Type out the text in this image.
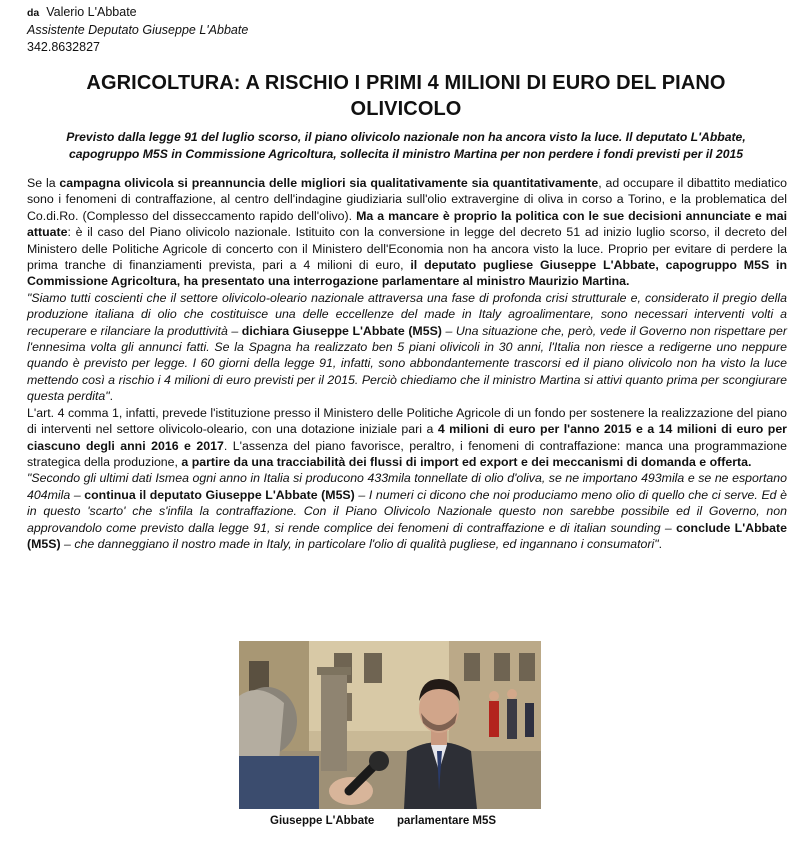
da Valerio L'Abbate
Assistente Deputato Giuseppe L'Abbate
342.8632827
AGRICOLTURA: A RISCHIO I PRIMI 4 MILIONI DI EURO DEL PIANO OLIVICOLO
Previsto dalla legge 91 del luglio scorso, il piano olivicolo nazionale non ha ancora visto la luce. Il deputato L'Abbate, capogruppo M5S in Commissione Agricoltura, sollecita il ministro Martina per non perdere i fondi previsti per il 2015

Se la campagna olivicola si preannuncia delle migliori sia qualitativamente sia quantitativamente, ad occupare il dibattito mediatico sono i fenomeni di contraffazione, al centro dell'indagine giudiziaria sull'olio extravergine di oliva in corso a Torino, e la problematica del Co.di.Ro. (Complesso del disseccamento rapido dell'olivo). Ma a mancare è proprio la politica con le sue decisioni annunciate e mai attuate: è il caso del Piano olivicolo nazionale. Istituito con la conversione in legge del decreto 51 ad inizio luglio scorso, il decreto del Ministero delle Politiche Agricole di concerto con il Ministero dell'Economia non ha ancora visto la luce. Proprio per evitare di perdere la prima tranche di finanziamenti prevista, pari a 4 milioni di euro, il deputato pugliese Giuseppe L'Abbate, capogruppo M5S in Commissione Agricoltura, ha presentato una interrogazione parlamentare al ministro Maurizio Martina.

"Siamo tutti coscienti che il settore olivicolo-oleario nazionale attraversa una fase di profonda crisi strutturale e, considerato il pregio della produzione italiana di olio che costituisce una delle eccellenze del made in Italy agroalimentare, sono necessari interventi volti a recuperare e rilanciare la produttività – dichiara Giuseppe L'Abbate (M5S) – Una situazione che, però, vede il Governo non rispettare per l'ennesima volta gli annunci fatti. Se la Spagna ha realizzato ben 5 piani olivicoli in 30 anni, l'Italia non riesce a redigerne uno neppure quando è previsto per legge. I 60 giorni della legge 91, infatti, sono abbondantemente trascorsi ed il piano olivicolo non ha visto la luce mettendo così a rischio i 4 milioni di euro previsti per il 2015. Perciò chiediamo che il ministro Martina si attivi quanto prima per scongiurare questa perdita".

L'art. 4 comma 1, infatti, prevede l'istituzione presso il Ministero delle Politiche Agricole di un fondo per sostenere la realizzazione del piano di interventi nel settore olivicolo-oleario, con una dotazione iniziale pari a 4 milioni di euro per l'anno 2015 e a 14 milioni di euro per ciascuno degli anni 2016 e 2017. L'assenza del piano favorisce, peraltro, i fenomeni di contraffazione: manca una programmazione strategica della produzione, a partire da una tracciabilità dei flussi di import ed export e dei meccanismi di domanda e offerta.

"Secondo gli ultimi dati Ismea ogni anno in Italia si producono 433mila tonnellate di olio d'oliva, se ne importano 493mila e se ne esportano 404mila – continua il deputato Giuseppe L'Abbate (M5S) – I numeri ci dicono che noi produciamo meno olio di quello che ci serve. Ed è in questo 'scarto' che s'infila la contraffazione. Con il Piano Olivicolo Nazionale questo non sarebbe possibile ed il Governo, non approvandolo come previsto dalla legge 91, si rende complice dei fenomeni di contraffazione e di italian sounding – conclude L'Abbate (M5S) – che danneggiano il nostro made in Italy, in particolare l'olio di qualità pugliese, ed ingannano i consumatori".

Giuseppe L'Abbate parlamentare M5S
